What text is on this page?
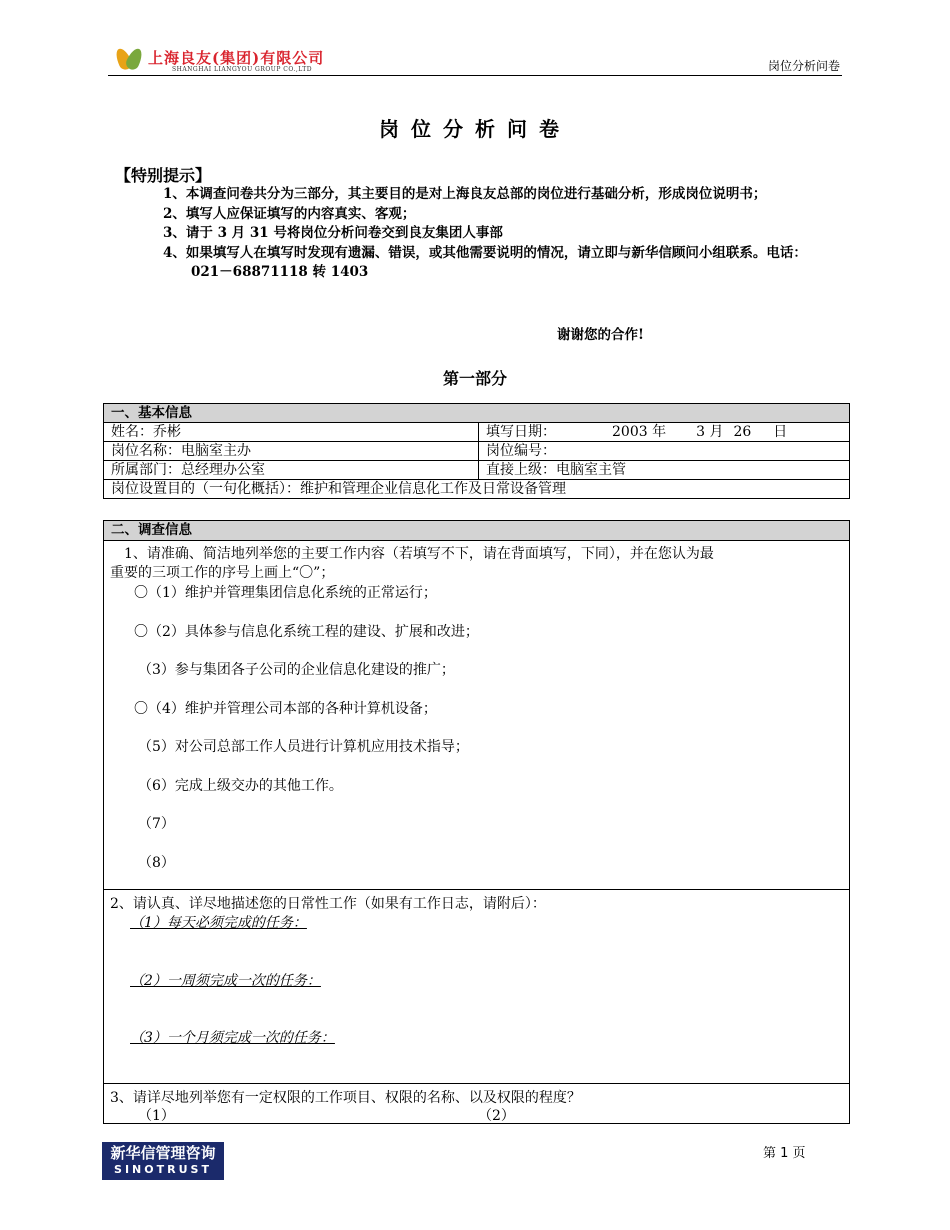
上海良友(集团)有限公司
SHANGHAI LIANGYOU GROUP CO.,LTD	岗位分析问卷
岗位分析问卷
【特别提示】
1、本调查问卷共分为三部分，其主要目的是对上海良友总部的岗位进行基础分析，形成岗位说明书；
2、填写人应保证填写的内容真实、客观；
3、请于 3 月 31 号将岗位分析问卷交到良友集团人事部
4、如果填写人在填写时发现有遗漏、错误，或其他需要说明的情况，请立即与新华信顾问小组联系。电话：021－68871118 转 1403
谢谢您的合作!
第一部分
一、基本信息	
姓名：乔彬	填写日期： 2003 年 3 月 26 日
岗位名称：电脑室主办	岗位编号：
所属部门：总经理办公室	直接上级：电脑室主管
岗位设置目的（一句化概括）：维护和管理企业信息化工作及日常设备管理	
二、调查信息
1、请准确、简洁地列举您的主要工作内容（若填写不下，请在背面填写，下同），并在您认为最
重要的三项工作的序号上画上“〇”；
〇（1）维护并管理集团信息化系统的正常运行；
〇（2）具体参与信息化系统工程的建设、扩展和改进；
（3）参与集团各子公司的企业信息化建设的推广；
〇（4）维护并管理公司本部的各种计算机设备；
（5）对公司总部工作人员进行计算机应用技术指导；
（6）完成上级交办的其他工作。
（7）
（8）
2、请认真、详尽地描述您的日常性工作（如果有工作日志，请附后）：
（1）每天必须完成的任务：
（2）一周须完成一次的任务：
（3）一个月须完成一次的任务：
3、请详尽地列举您有一定权限的工作项目、权限的名称、以及权限的程度？
（1）	（2）
新华信管理咨询
SINOTRUST
第 1 页
